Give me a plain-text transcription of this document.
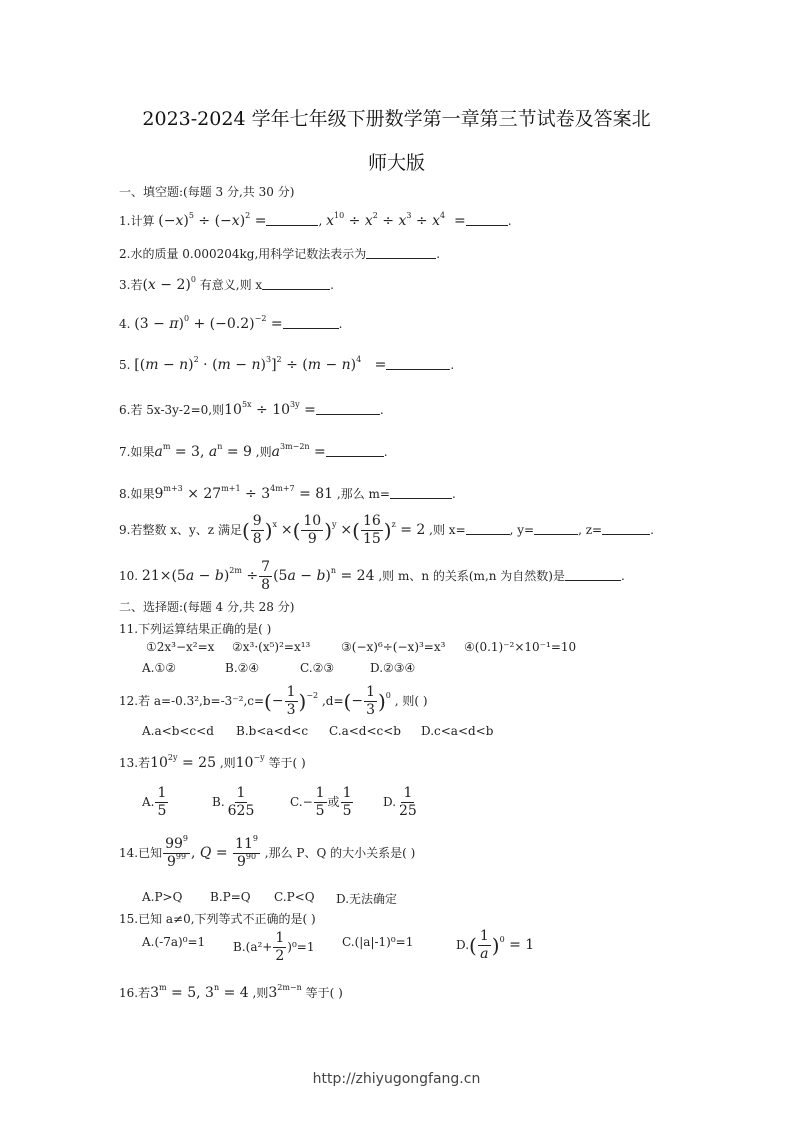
2023-2024 学年七年级下册数学第一章第三节试卷及答案北
师大版
一、填空题:(每题 3 分,共 30 分)
1.计算 $(-x)^5 \div (-x)^2$ =	, $x^{10} \div x^2 \div x^3 \div x^4$  =	.
2.水的质量 0.000204kg,用科学记数法表示为	.
3.若$(x - 2)^0$ 有意义,则 x	.
4. $(3 - \pi)^0 + (-0.2)^{-2}$ =	.
5. $[(m - n)^2 \cdot (m - n)^3]^2 \div (m - n)^4$   =	.
6.若 5x-3y-2=0,则$10^{5x} \div 10^{3y}$ =	.
7.如果$a^m = 3$, $a^n = 9$ ,则$a^{3m-2n}$ =	.
8.如果$9^{m+3} \times 27^{m+1} \div 3^{4m+7} = 81$ ,那么 m=	.
9.若整数 x、y、z 满足( $\frac{9}{8} )^x$ ×( $\frac{10}{9} )^y$ ×( $\frac{16}{15} )^z = 2$ ,则 x=	, y=	, z=	.
10. $21\times(5a - b)^{2m} \div \frac{7}{8} (5a - b)^n = 24$ ,则 m、n 的关系(m,n 为自然数)是	.
二、选择题:(每题 4 分,共 28 分)
11.下列运算结果正确的是( )
①2x³−x²=x ②x³·(x⁵)²=x¹³	③(−x)⁶÷(−x)³=x³ ④(0.1)⁻²×10⁻¹=10
A.①②	B.②④	C.②③	D.②③④
12.若 $a=-0.3^2,b=-3^{-2},c=(- \frac{1}{3} )^{-2}$ $,d=(- \frac{1}{3} )^0$ , 则( )
A.a<b<c<d B.b<a<d<c C.a<d<c<b D.c<a<d<b
13.若$10^{2y} = 25$ ,则$10^{-y}$ 等于( )
A. $\frac{1}{5}$	B. $\frac{1}{625}$	$C.- \frac{1}{5}$ 或 $\frac{1}{5} D$. $\frac{1}{25}$
14.已知 $\frac{99^9}{9^{99}}$ , $Q = \frac{11^9}{9^{90}}$ ,那么 P、Q 的大小关系是( )
A.P>Q B.P=Q C.P<Q D.无法确定
15.已知 a≠0,下列等式不正确的是( )
A.(-7a)⁰=1 $B.(a^2+ \frac{1}{2} )^0=1$ C.(|a|-1)⁰=1	$D.( \frac{1}{a} )^0 = 1$
16.若$3^m = 5$, $3^n = 4$ ,则$3^{2m-n}$ 等于( )
http://zhiyugongfang.cn
